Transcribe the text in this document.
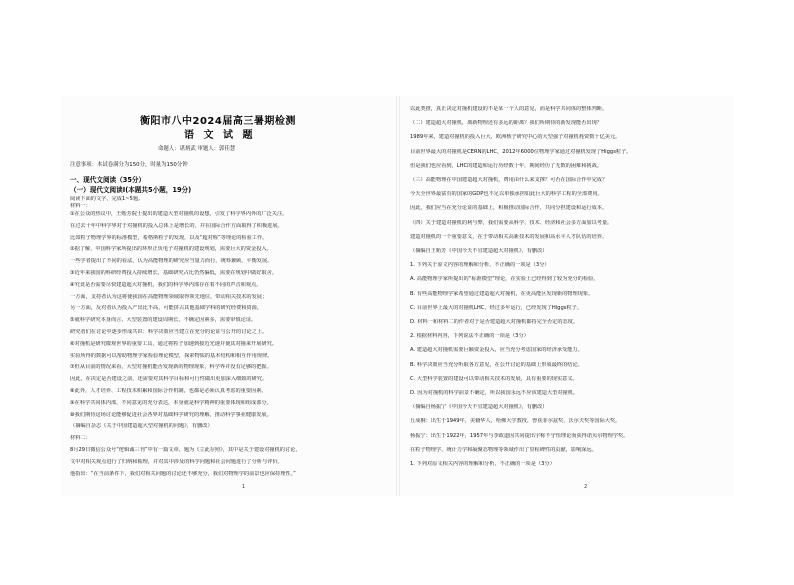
衡阳市八中2024届高三暑期检测
语 文 试 题
命题人：谌炳武 审题人：郭佳慧
注意事项：本试卷满分为150分，时量为150分钟
一、现代文阅读（35分）
（一）现代文阅读Ⅰ(本题共5小题，19分)
阅读下面的文字，完成1~5题。
材料一：
①在公众的热议中，王贻芳院士提出的建造大型对撞机的设想，引发了科学界内外的广泛关注。
在过去十年中科学界对于对撞机的投入总体上是增长的，并在国际合作方面取得了积极进展。
比如粒子物理学界的标准模型，希格斯粒子的发现，以及“超对称”等理论的检验工作。
②据了解，中国科学家所提出的环形正负电子对撞机的建设规划，需要巨大的资金投入。
一些学者提出了不同的看法，认为高能物理的研究应当量力而行，统筹兼顾，平衡发展。
③近年来我国的科研经费投入持续增长，基础研究占比仍然偏低，需要在规划中做好取舍。
④究竟是否需要尽快建造超大对撞机，我们的科学界内部存在着不同的声音和观点。
一方面，支持者认为这将使我国在高能物理领域取得领先地位，带动相关技术的发展；
另一方面，反对者认为投入产出比不高，可能挤占其他基础学科的研究经费和资源。
⑤就科学研究本身而言，大型装置的建设周期长，不确定因素多，需要审慎论证。
研究者们在讨论中逐步形成共识：科学决策应当建立在充分的论证与公开的讨论之上。
⑥对撞机是研究微观世界的重要工具，通过将粒子加速到接近光速并使其对撞来开展研究。
实验所得的数据可以帮助物理学家检验理论模型，探索物质的基本结构和相互作用规律。
⑦但从目前的情况来看，大型对撞机能否发现新的物理现象，科学界并没有足够的把握。
因此，在决定是否建设之前，还需要对其科学目标和可行性做出更加深入细致的研究。
⑧此外，人才培养、工程技术积累和国际合作机制，也都是必须认真考虑的重要因素。
⑨在科学共同体内部，不同意见的充分表达，本身就是科学精神的重要体现和组成部分。
⑩我们期待这场讨论能够促进社会各界对基础科学研究的理解，推动科学事业健康发展。
（摘编自杂志《关于中国建造超大型对撞机的问题》，有删改）
材料二：
8月29日微信公众号“逻辑诚三刊”中有一篇文章，题为《立此存照》，其中是关于建设对撞机的讨论，
文中对相关观点进行了归纳和梳理，并对其中涉及的科学问题和社会问题进行了分析与评价。
他指出：“在当前条件下，我们对相关问题的讨论还不够充分，我们对物理学的前景也应保持理性。”
1
以此类推，真正决定对撞机建设的不是某一个人的意见，而是科学共同体的整体判断。
（二）建造超大对撞机，离新物理还有多远的距离？我们所期待的新发现能否出现？
1989年来，建造对撞机的投入巨大，欧洲核子研究中心的大型强子对撞机耗资数十亿美元。
目前世界最大的对撞机是CERN的LHC，2012年6000位物理学家通过对撞机发现了Higgs粒子。
但是我们也应看到，LHC的建造和运行历经数十年，期间经历了无数的困难和挑战。
（三）高能物理在中国建造超大对撞机，费用由什么来支撑？可否在国际合作中完成？
今天全世界最富有的国家的GDP也不足以单独承担如此巨大的科学工程的全部费用。
因此，我们应当在充分论证的基础上，积极推动国际合作，共同分担建设和运行成本。
（四）关于建造对撞机的利与弊，我们需要从科学、技术、经济和社会多方面加以考量。
建造对撞机的一个重要意义，在于带动相关高新技术的发展和高水平人才队伍的培养。
（摘编自王贻芳《中国今天不宜建造超大对撞机》，有删改）
1. 下列关于原文内容的理解和分析，不正确的一项是（3分）
A. 高能物理学家所提出的“标准模型”理论，在实验上已经得到了较为充分的检验。
B. 有些高能物理学家希望通过建造超大对撞机，在更高能区发现新的物理现象。
C. 目前世界上最大的对撞机LHC，经过多年运行，已经发现了Higgs粒子。
D. 材料一和材料二的作者对于是否建造超大对撞机都持完全否定的态度。
2. 根据材料内容，下列说法不正确的一项是（3分）
A. 建造超大对撞机需要巨额资金投入，应当充分考虑国家的经济承受能力。
B. 科学决策应当充分听取各方意见，在公开讨论的基础上形成最终的结论。
C. 大型科学装置的建设可以带动相关技术的发展，具有重要的现实意义。
D. 因为对撞机的科学前景不确定，所以我国永远不应该建造大型对撞机。
（摘编自杨振宁《中国今天不宜建造超大对撞机》，有删改）
丘成桐：出生于1949年，美籍华人，哈佛大学教授，曾获菲尔兹奖、沃尔夫奖等国际大奖。
杨振宁：出生于1922年，1957年与李政道因共同提出宇称不守恒理论而获得诺贝尔物理学奖。
在粒子物理学、统计力学和凝聚态物理等领域作出了里程碑性的贡献，影响深远。
1. 下列对原文相关内容的理解和分析，不正确的一项是（3分）
2
